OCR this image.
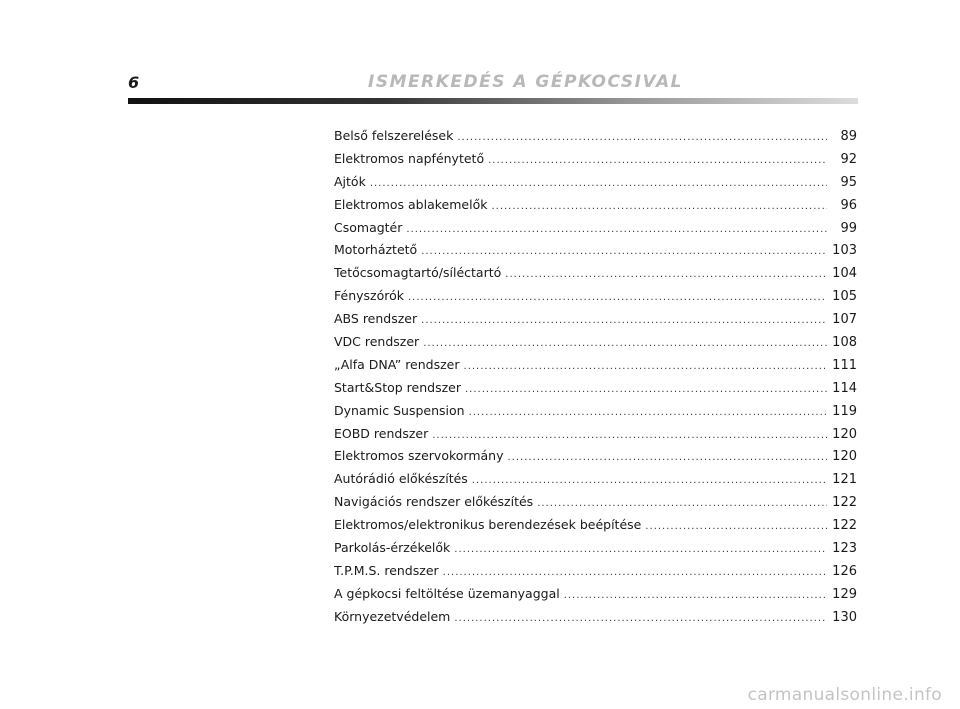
6	ISMERKEDÉS A GÉPKOCSIVAL
Belső felszerelések .....	89
Elektromos napfénytető .....	92
Ajtók .....	95
Elektromos ablakemelők .....	96
Csomagtér .....	99
Motorháztető .....	103
Tetőcsomagtartó/síléctartó .....	104
Fényszórók .....	105
ABS rendszer .....	107
VDC rendszer .....	108
„Alfa DNA” rendszer .....	111
Start&Stop rendszer .....	114
Dynamic Suspension .....	119
EOBD rendszer .....	120
Elektromos szervokormány .....	120
Autórádió előkészítés .....	121
Navigációs rendszer előkészítés .....	122
Elektromos/elektronikus berendezések beépítése .....	122
Parkolás-érzékelők .....	123
T.P.M.S. rendszer .....	126
A gépkocsi feltöltése üzemanyaggal .....	129
Környezetvédelem .....	130
carmanualsonline.info
